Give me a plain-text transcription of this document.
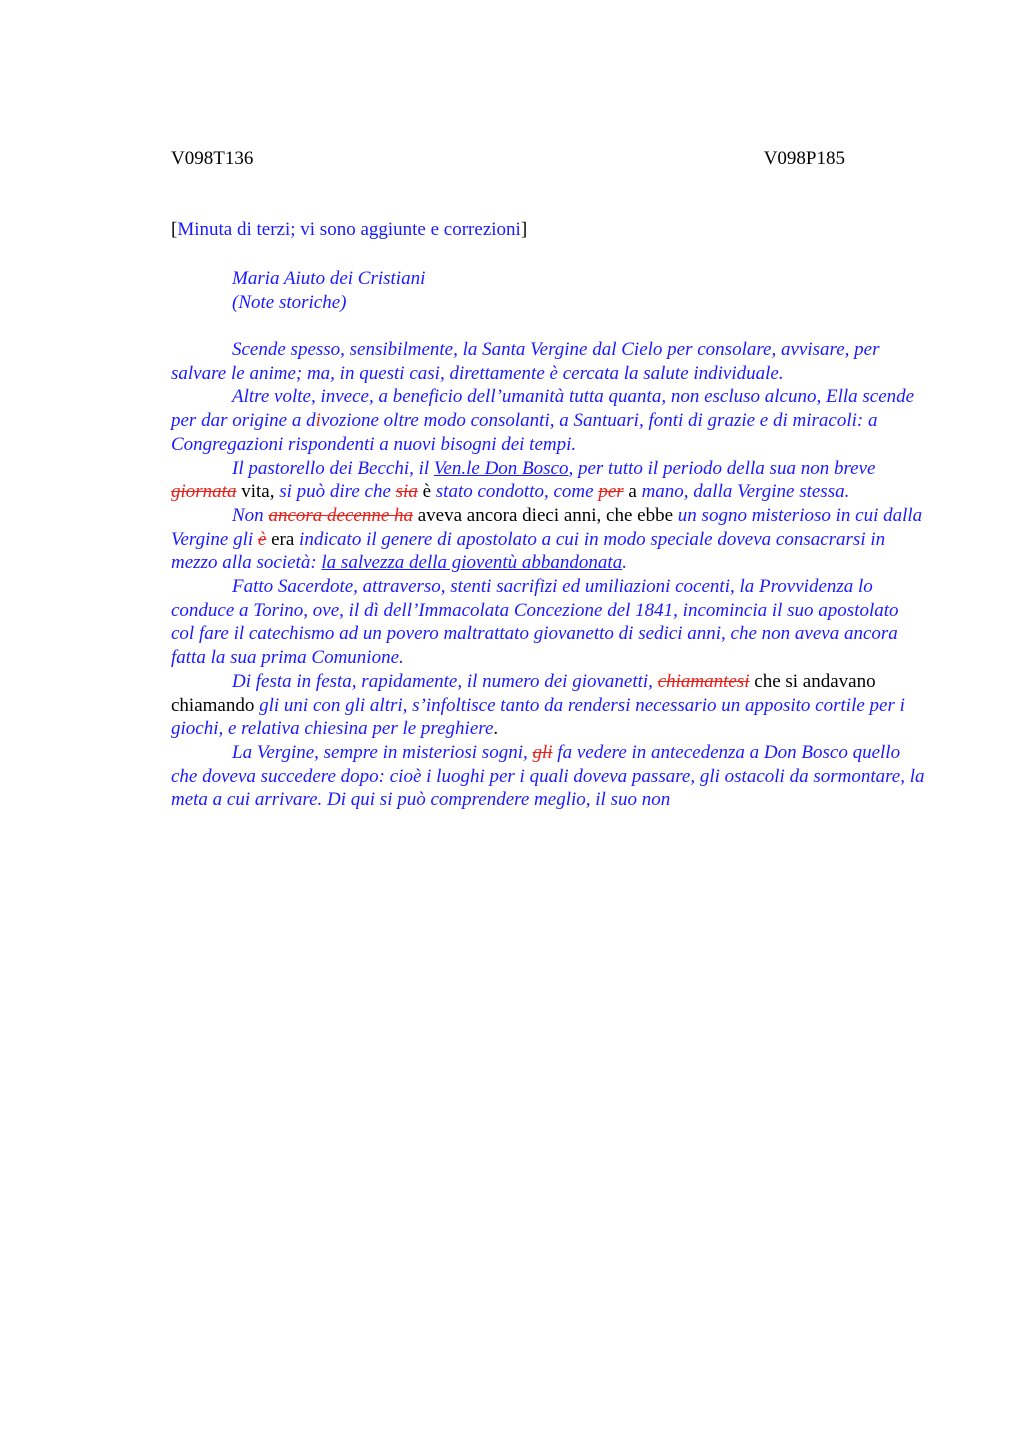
V098T136	V098P185
[Minuta di terzi; vi sono aggiunte e correzioni]
Maria Aiuto dei Cristiani
(Note storiche)

Scende spesso, sensibilmente, la Santa Vergine dal Cielo per consolare, avvisare, per salvare le anime; ma, in questi casi, direttamente è cercata la salute individuale.

Altre volte, invece, a beneficio dell’umanità tutta quanta, non escluso alcuno, Ella scende per dar origine a divozione oltre modo consolanti, a Santuari, fonti di grazie e di miracoli: a Congregazioni rispondenti a nuovi bisogni dei tempi.

Il pastorello dei Becchi, il Ven.le Don Bosco, per tutto il periodo della sua non breve giornata vita, si può dire che sia è stato condotto, come per a mano, dalla Vergine stessa.

Non ancora decenne ha aveva ancora dieci anni, che ebbe un sogno misterioso in cui dalla Vergine gli è era indicato il genere di apostolato a cui in modo speciale doveva consacrarsi in mezzo alla società: la salvezza della gioventù abbandonata.

Fatto Sacerdote, attraverso, stenti sacrifizi ed umiliazioni cocenti, la Provvidenza lo conduce a Torino, ove, il dì dell’Immacolata Concezione del 1841, incomincia il suo apostolato col fare il catechismo ad un povero maltrattato giovanetto di sedici anni, che non aveva ancora fatta la sua prima Comunione.

Di festa in festa, rapidamente, il numero dei giovanetti, chiamantesi che si andavano chiamando gli uni con gli altri, s’infoltisce tanto da rendersi necessario un apposito cortile per i giochi, e relativa chiesina per le preghiere.

La Vergine, sempre in misteriosi sogni, gli fa vedere in antecedenza a Don Bosco quello che doveva succedere dopo: cioè i luoghi per i quali doveva passare, gli ostacoli da sormontare, la meta a cui arrivare. Di qui si può comprendere meglio, il suo non
